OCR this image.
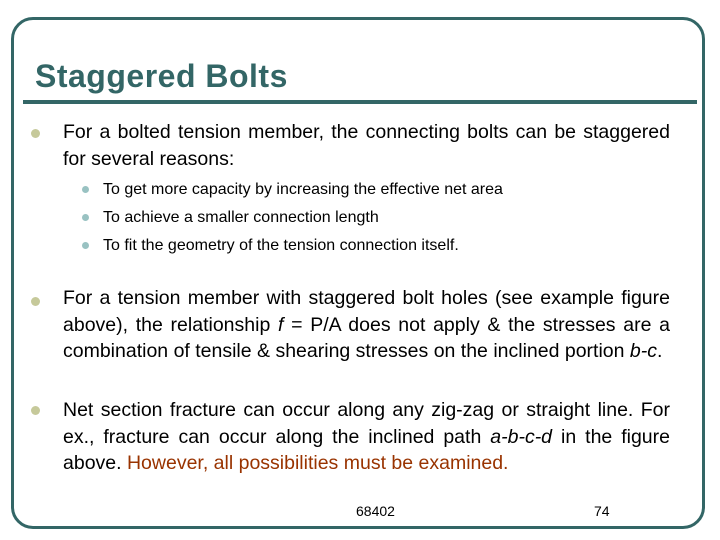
Staggered Bolts
For a bolted tension member, the connecting bolts can be staggered for several reasons:
To get more capacity by increasing the effective net area
To achieve a smaller connection length
To fit the geometry of the tension connection itself.
For a tension member with staggered bolt holes (see example figure above), the relationship f = P/A does not apply & the stresses are a combination of tensile & shearing stresses on the inclined portion b-c.
Net section fracture can occur along any zig-zag or straight line. For ex., fracture can occur along the inclined path a-b-c-d in the figure above. However, all possibilities must be examined.
68402	74
